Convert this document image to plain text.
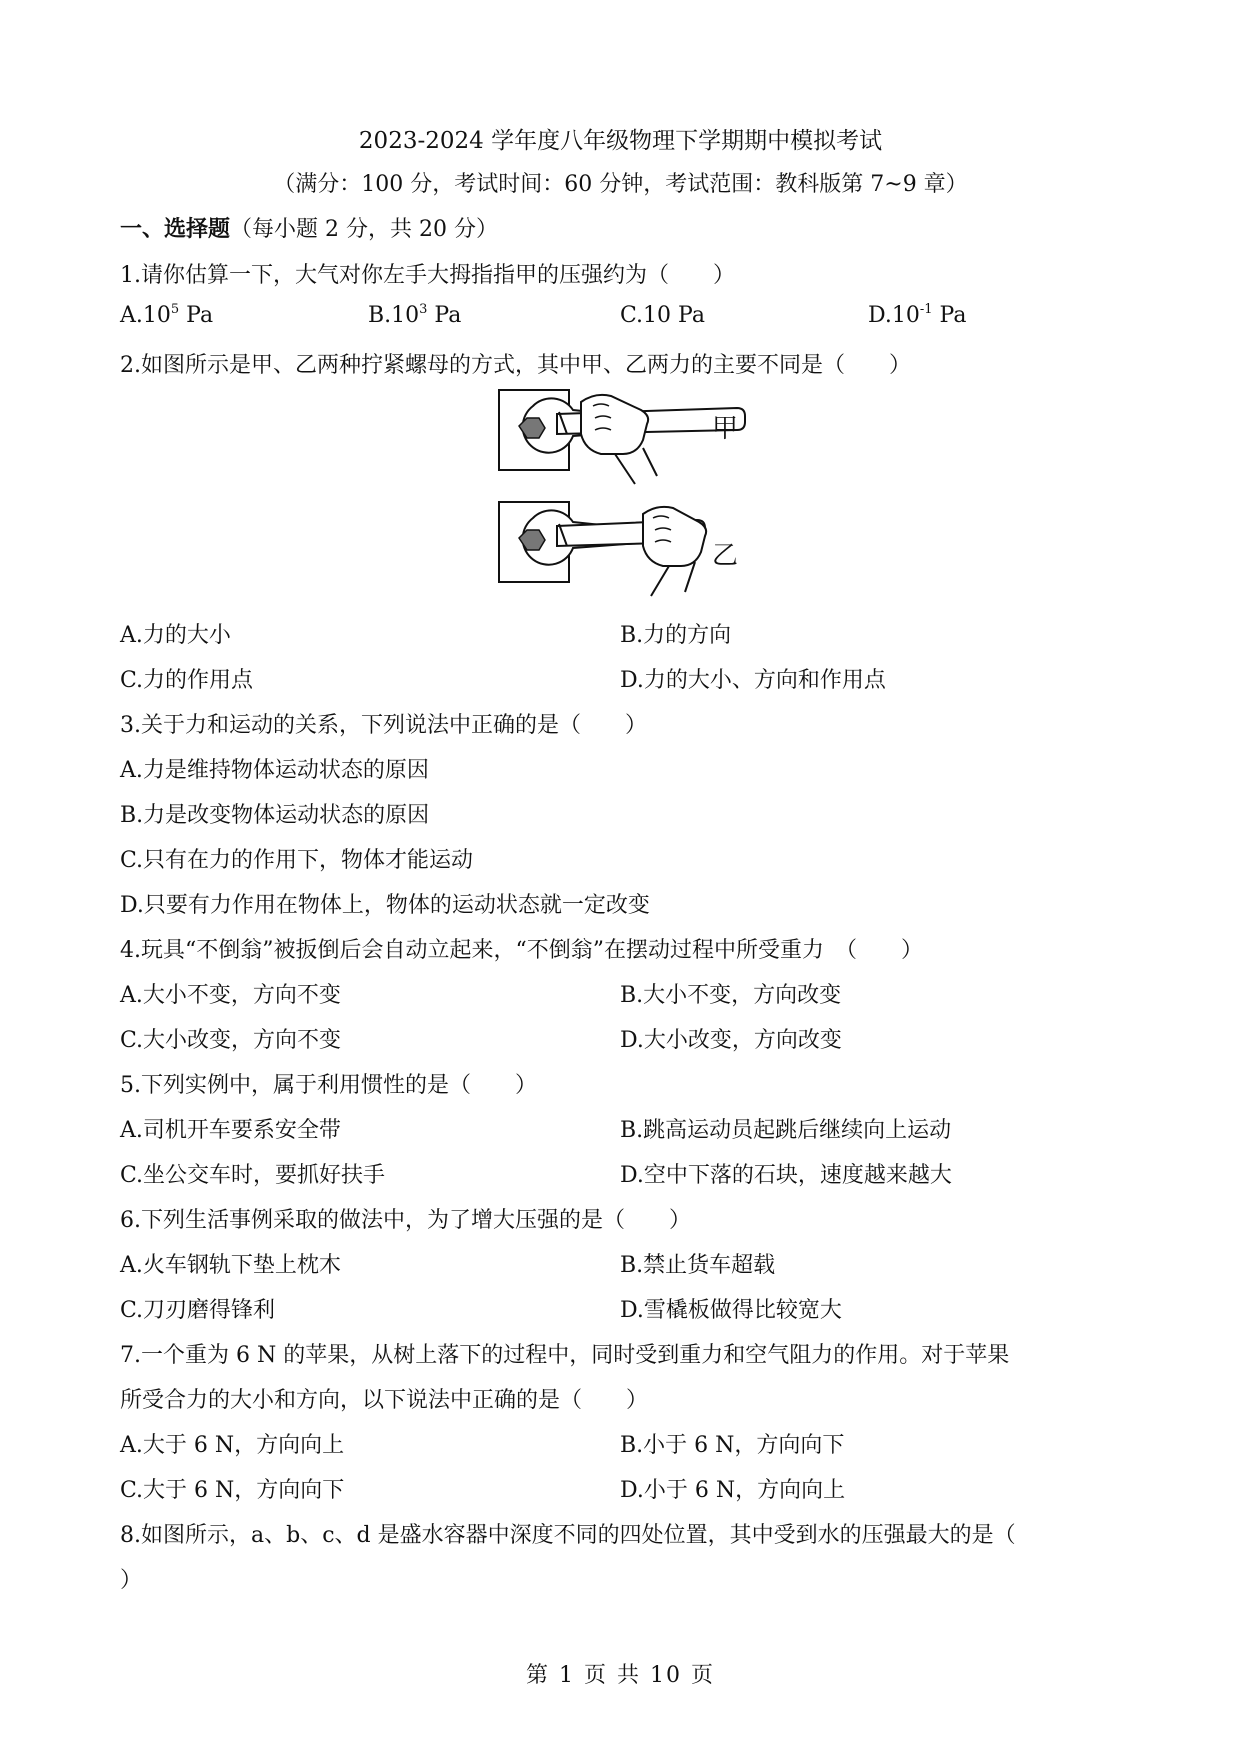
2023-2024 学年度八年级物理下学期期中模拟考试
（满分：100 分，考试时间：60 分钟，考试范围：教科版第 7~9 章）
一、选择题（每小题 2 分，共 20 分）
1.请你估算一下，大气对你左手大拇指指甲的压强约为（　　）
$A.10^5$ Pa	$B.10^3$ Pa	C.10 Pa	$D.10^{-1}$ Pa
2.如图所示是甲、乙两种拧紧螺母的方式，其中甲、乙两力的主要不同是（　　）
甲
乙
A.力的大小	B.力的方向
C.力的作用点	D.力的大小、方向和作用点
3.关于力和运动的关系，下列说法中正确的是（　　）
A.力是维持物体运动状态的原因
B.力是改变物体运动状态的原因
C.只有在力的作用下，物体才能运动
D.只要有力作用在物体上，物体的运动状态就一定改变
4.玩具“不倒翁”被扳倒后会自动立起来，“不倒翁”在摆动过程中所受重力　（　　）
A.大小不变，方向不变	B.大小不变，方向改变
C.大小改变，方向不变	D.大小改变，方向改变
5.下列实例中，属于利用惯性的是（　　）
A.司机开车要系安全带	B.跳高运动员起跳后继续向上运动
C.坐公交车时，要抓好扶手	D.空中下落的石块，速度越来越大
6.下列生活事例采取的做法中，为了增大压强的是（　　）
A.火车钢轨下垫上枕木	B.禁止货车超载
C.刀刃磨得锋利	D.雪橇板做得比较宽大
7.一个重为 6 N 的苹果，从树上落下的过程中，同时受到重力和空气阻力的作用。对于苹果
所受合力的大小和方向，以下说法中正确的是（　　）
A.大于 6 N，方向向上	B.小于 6 N，方向向下
C.大于 6 N，方向向下	D.小于 6 N，方向向上
8.如图所示，a、b、c、d 是盛水容器中深度不同的四处位置，其中受到水的压强最大的是（
）
第 1 页 共 10 页
